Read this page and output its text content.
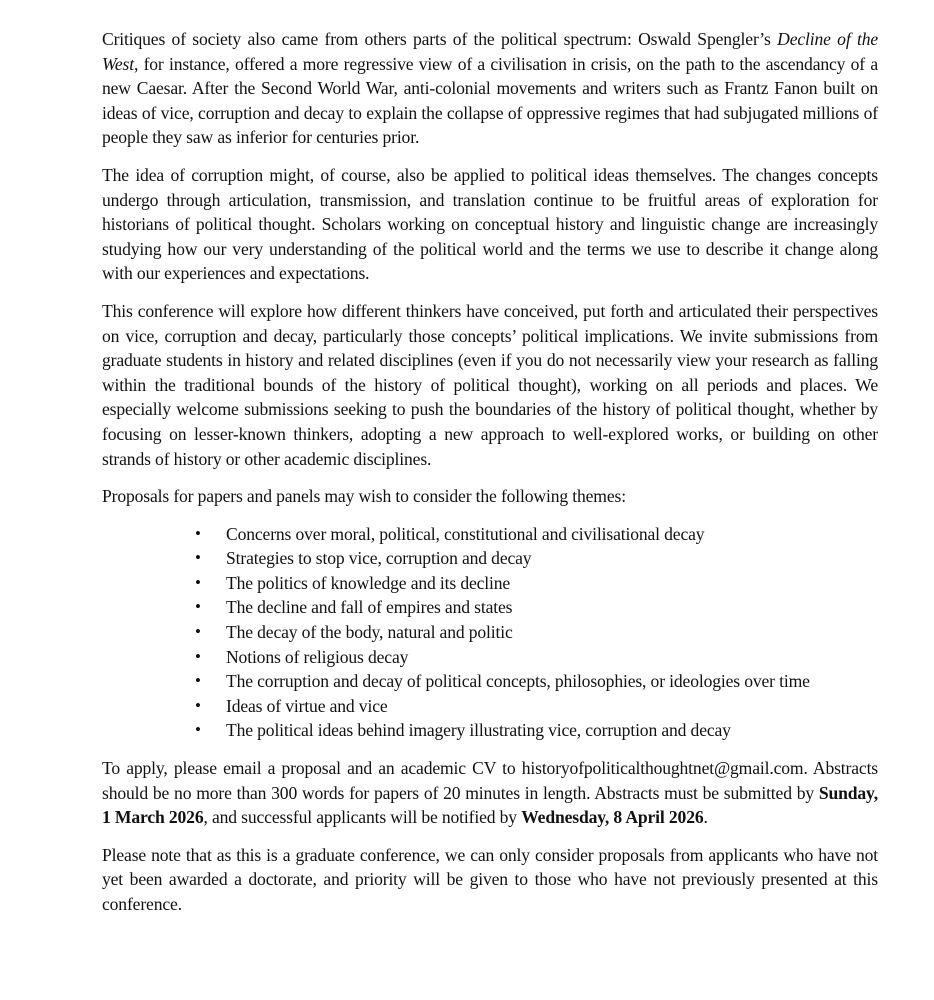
Critiques of society also came from others parts of the political spectrum: Oswald Spengler’s Decline of the West, for instance, offered a more regressive view of a civilisation in crisis, on the path to the ascendancy of a new Caesar. After the Second World War, anti-colonial movements and writers such as Frantz Fanon built on ideas of vice, corruption and decay to explain the collapse of oppressive regimes that had subjugated millions of people they saw as inferior for centuries prior.

The idea of corruption might, of course, also be applied to political ideas themselves. The changes concepts undergo through articulation, transmission, and translation continue to be fruitful areas of exploration for historians of political thought. Scholars working on conceptual history and linguistic change are increasingly studying how our very understanding of the political world and the terms we use to describe it change along with our experiences and expectations.

This conference will explore how different thinkers have conceived, put forth and articulated their perspectives on vice, corruption and decay, particularly those concepts’ political implications. We invite submissions from graduate students in history and related disciplines (even if you do not necessarily view your research as falling within the traditional bounds of the history of political thought), working on all periods and places. We especially welcome submissions seeking to push the boundaries of the history of political thought, whether by focusing on lesser-known thinkers, adopting a new approach to well-explored works, or building on other strands of history or other academic disciplines.

Proposals for papers and panels may wish to consider the following themes:

• Concerns over moral, political, constitutional and civilisational decay
• Strategies to stop vice, corruption and decay
• The politics of knowledge and its decline
• The decline and fall of empires and states
• The decay of the body, natural and politic
• Notions of religious decay
• The corruption and decay of political concepts, philosophies, or ideologies over time
• Ideas of virtue and vice
• The political ideas behind imagery illustrating vice, corruption and decay

To apply, please email a proposal and an academic CV to historyofpoliticalthoughtnet@gmail.com. Abstracts should be no more than 300 words for papers of 20 minutes in length. Abstracts must be submitted by Sunday, 1 March 2026, and successful applicants will be notified by Wednesday, 8 April 2026.

Please note that as this is a graduate conference, we can only consider proposals from applicants who have not yet been awarded a doctorate, and priority will be given to those who have not previously presented at this conference.
